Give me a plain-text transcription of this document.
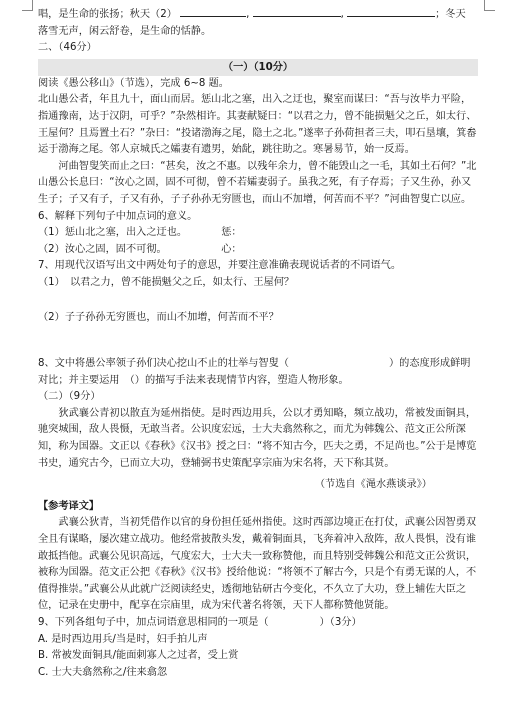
唱，是生命的张扬；秋天（2）	,	,	；冬天

落雪无声，闲云舒卷，是生命的恬静。

二、（46分）

（一）（10分）

阅读《愚公移山》（节选），完成 6~8 题。

北山愚公者，年且九十，面山而居。惩山北之塞，出入之迂也，聚室而谋曰：“吾与汝毕力平险，指通豫南，达于汉阴，可乎？”杂然相许。其妻献疑曰：“以君之力，曾不能损魁父之丘，如太行、王屋何？且焉置土石？”杂曰：“投诸渤海之尾，隐土之北。”遂率子孙荷担者三夫，叩石垦壤，箕畚运于渤海之尾。邻人京城氏之孀妻有遗男，始龀，跳往助之。寒暑易节，始一反焉。

河曲智叟笑而止之曰：“甚矣，汝之不惠。以残年余力，曾不能毁山之一毛，其如土石何？”北山愚公长息曰：“汝心之固，固不可彻，曾不若孀妻弱子。虽我之死，有子存焉；子又生孙，孙又生子；子又有子，子又有孙，子子孙孙无穷匮也，而山不加增，何苦而不平？”河曲智叟亡以应。

6、解释下列句子中加点词的意义。

（1）惩山北之塞，出入之迂也。	惩：

（2）汝心之固，固不可彻。	心：

7、用现代汉语写出文中两处句子的意思，并要注意准确表现说话者的不同语气。

（1）　以君之力，曾不能损魁父之丘，如太行、王屋何？

（2）子子孙孙无穷匮也，而山不加增，何苦而不平？

8、文中将愚公率领子孙们决心挖山不止的壮举与智叟（	）的态度形成鲜明对比；并主要运用　（）的描写手法来表现情节内容，塑造人物形象。

（二）（9分）

狄武襄公青初以散直为延州指使。是时西边用兵，公以才勇知略，频立战功，常被发面铜具，驰突城围，敌人畏慑，无敢当者。公识度宏远，士大夫翕然称之，而尤为韩魏公、范文正公所深知，称为国器。文正以《春秋》《汉书》授之曰：“将不知古今，匹夫之勇，不足尚也。”公于是博览书史，通究古今，已而立大功，登辅弼书史策配享宗庙为宋名将，天下称其贤。

（节选自《渑水燕谈录》）

【参考译文】

武襄公狄青，当初凭借作以官的身份担任延州指使。这时西部边境正在打仗，武襄公因智勇双全且有谋略，屡次建立战功。他经常披散头发，戴着铜面具，飞奔着冲入敌阵，敌人畏惧，没有谁敢抵挡他。武襄公见识高远，气度宏大，士大夫一致称赞他，而且特别受韩魏公和范文正公赏识，被称为国器。范文正公把《春秋》《汉书》授给他说：“将领不了解古今，只是个有勇无谋的人，不值得推崇。”武襄公从此就广泛阅读经史，透彻地钻研古今变化，不久立了大功，登上辅佐大臣之位，记录在史册中，配享在宗庙里，成为宋代著名将领，天下人都称赞他贤能。

9、下列各组句子中，加点词语意思相同的一项是（　　　　　）（3分）

A. 是时西边用兵/当是时，妇手拍儿声

B. 常被发面铜具/能面刺寡人之过者，受上赏

C. 士大夫翕然称之/往来翕忽
